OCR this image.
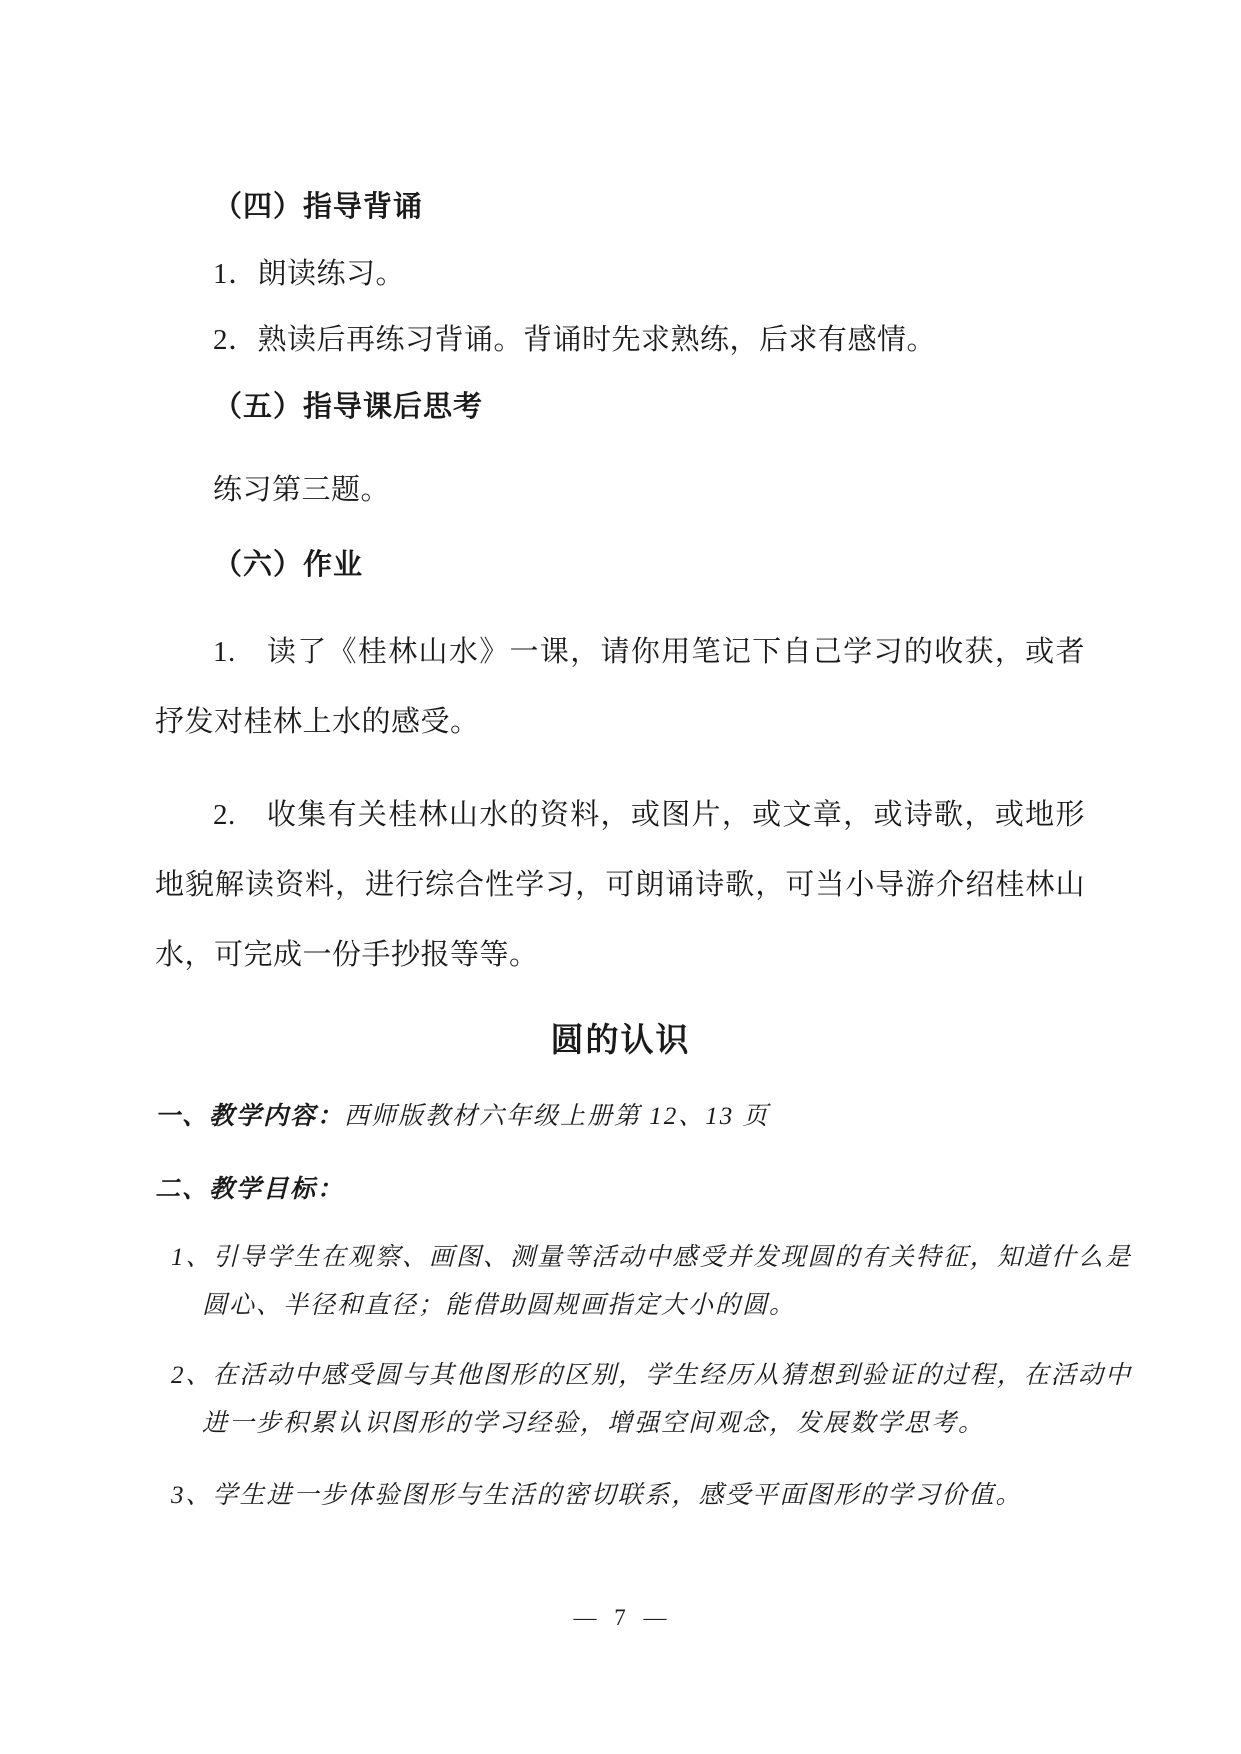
（四）指导背诵
1．朗读练习。
2．熟读后再练习背诵。背诵时先求熟练，后求有感情。
（五）指导课后思考
练习第三题。
（六）作业
1.　读了《桂林山水》一课，请你用笔记下自己学习的收获，或者抒发对桂林上水的感受。
2.　收集有关桂林山水的资料，或图片，或文章，或诗歌，或地形地貌解读资料，进行综合性学习，可朗诵诗歌，可当小导游介绍桂林山水，可完成一份手抄报等等。
圆的认识
一、教学内容：西师版教材六年级上册第 12、13 页
二、教学目标：
1、引导学生在观察、画图、测量等活动中感受并发现圆的有关特征，知道什么是圆心、半径和直径；能借助圆规画指定大小的圆。
2、在活动中感受圆与其他图形的区别，学生经历从猜想到验证的过程，在活动中进一步积累认识图形的学习经验，增强空间观念，发展数学思考。
3、学生进一步体验图形与生活的密切联系，感受平面图形的学习价值。
— 7 —
